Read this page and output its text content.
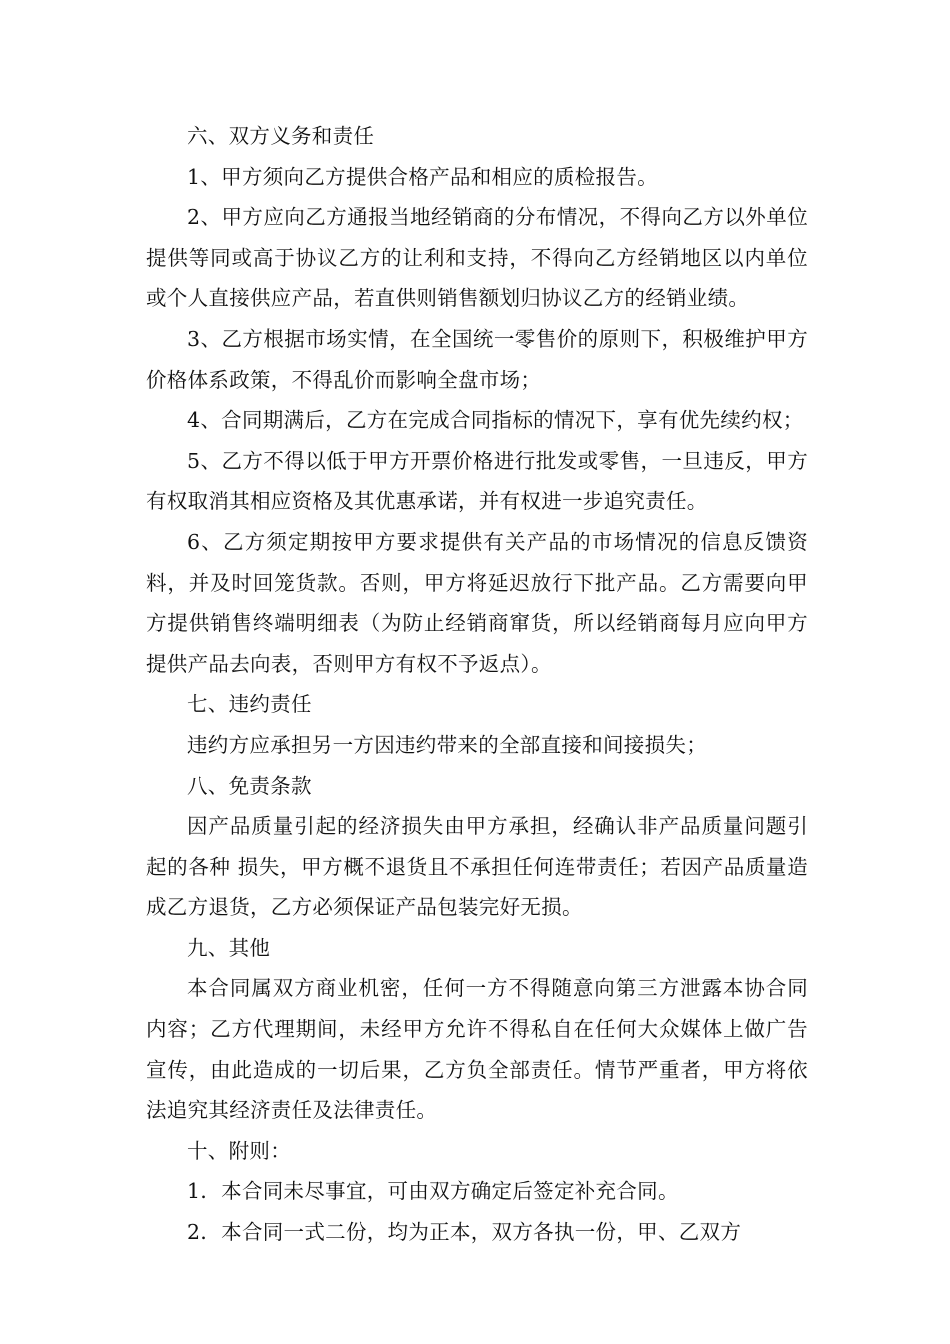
六、双方义务和责任

1、甲方须向乙方提供合格产品和相应的质检报告。

2、甲方应向乙方通报当地经销商的分布情况，不得向乙方以外单位提供等同或高于协议乙方的让利和支持，不得向乙方经销地区以内单位或个人直接供应产品，若直供则销售额划归协议乙方的经销业绩。

3、乙方根据市场实情，在全国统一零售价的原则下，积极维护甲方价格体系政策，不得乱价而影响全盘市场；

4、合同期满后，乙方在完成合同指标的情况下，享有优先续约权；

5、乙方不得以低于甲方开票价格进行批发或零售，一旦违反，甲方有权取消其相应资格及其优惠承诺，并有权进一步追究责任。

6、乙方须定期按甲方要求提供有关产品的市场情况的信息反馈资料，并及时回笼货款。否则，甲方将延迟放行下批产品。乙方需要向甲方提供销售终端明细表（为防止经销商窜货，所以经销商每月应向甲方提供产品去向表，否则甲方有权不予返点）。

七、违约责任

违约方应承担另一方因违约带来的全部直接和间接损失；

八、免责条款

因产品质量引起的经济损失由甲方承担，经确认非产品质量问题引起的各种 损失，甲方概不退货且不承担任何连带责任；若因产品质量造成乙方退货，乙方必须保证产品包装完好无损。

九、其他

本合同属双方商业机密，任何一方不得随意向第三方泄露本协合同内容；乙方代理期间，未经甲方允许不得私自在任何大众媒体上做广告宣传，由此造成的一切后果，乙方负全部责任。情节严重者，甲方将依法追究其经济责任及法律责任。

十、附则：

1．本合同未尽事宜，可由双方确定后签定补充合同。

2．本合同一式二份，均为正本，双方各执一份，甲、乙双方
